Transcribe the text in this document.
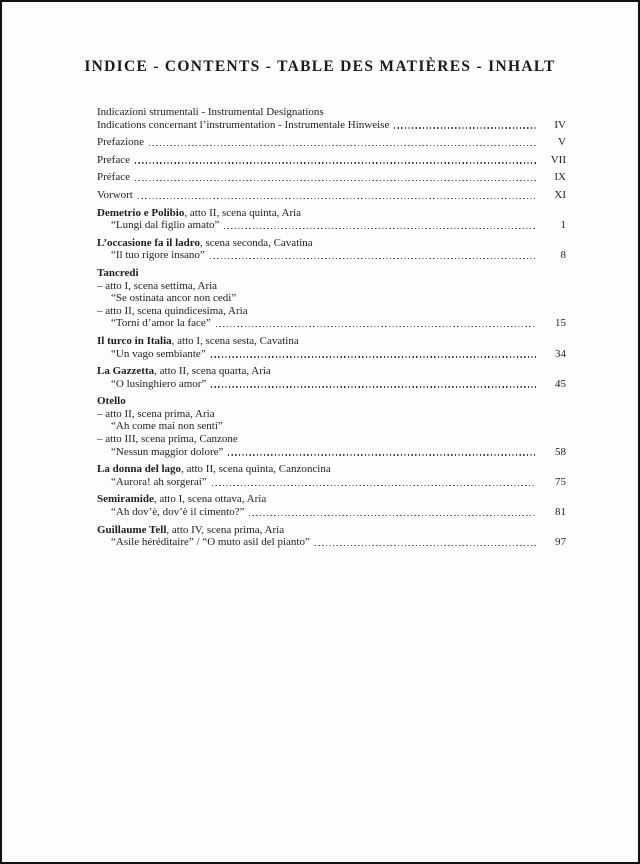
INDICE - CONTENTS - TABLE DES MATIÈRES - INHALT
Indicazioni strumentali - Instrumental Designations
Indications concernant l’instrumentation - Instrumentale Hinweise	IV
Prefazione	V
Preface	VII
Préface	IX
Vorwort	XI
Demetrio e Polibio, atto II, scena quinta, Aria
“Lungi dal figlio amato”	1
L’occasione fa il ladro, scena seconda, Cavatina
“Il tuo rigore insano”	8
Tancredi
– atto I, scena settima, Aria
“Se ostinata ancor non cedi”
– atto II, scena quindicesima, Aria
“Torni d’amor la face”	15
Il turco in Italia, atto I, scena sesta, Cavatina
“Un vago sembiante”	34
La Gazzetta, atto II, scena quarta, Aria
“O lusinghiero amor”	45
Otello
– atto II, scena prima, Aria
“Ah come mai non senti”
– atto III, scena prima, Canzone
“Nessun maggior dolore”	58
La donna del lago, atto II, scena quinta, Canzoncina
“Aurora! ah sorgerai”	75
Semiramide, atto I, scena ottava, Aria
“Ah dov’è, dov’è il cimento?”	81
Guillaume Tell, atto IV, scena prima, Aria
“Asile héréditaire” / “O muto asil del pianto”	97
